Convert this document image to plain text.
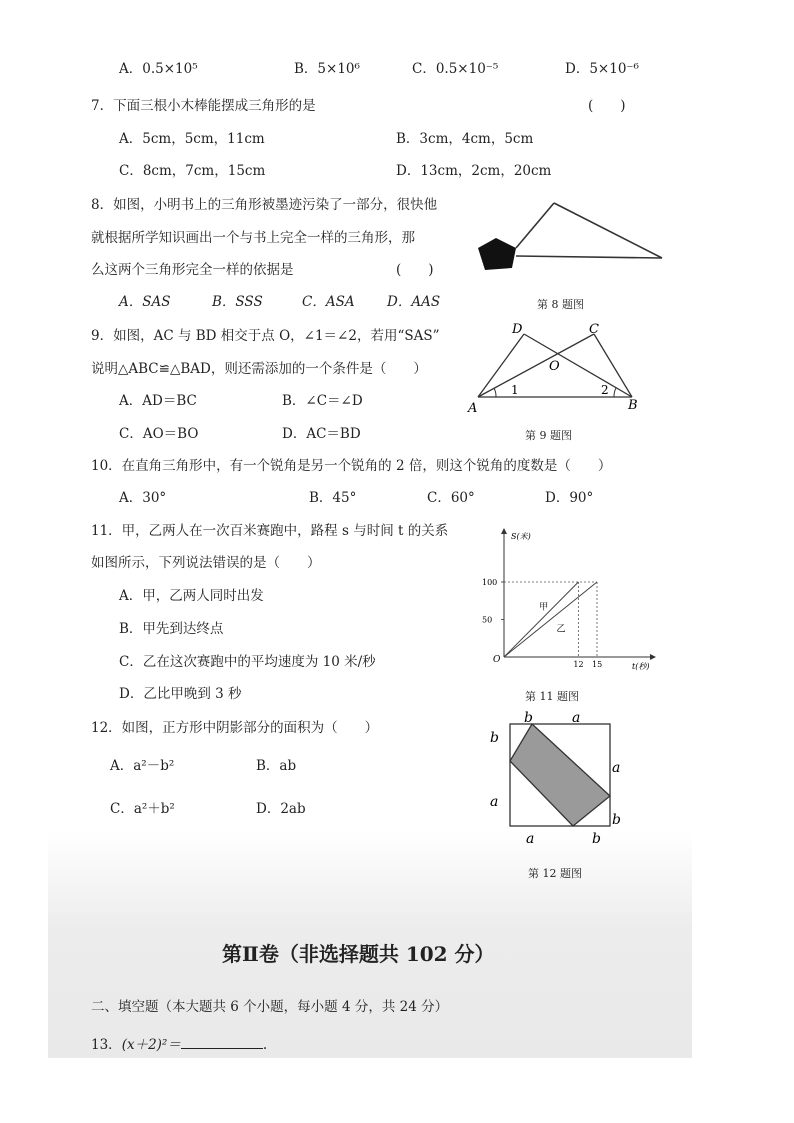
A．0.5×10⁵	B．5×10⁶	C．0.5×10⁻⁵	D．5×10⁻⁶
7．下面三根小木棒能摆成三角形的是	(　　)
A．5cm，5cm，11cm	B．3cm，4cm，5cm
C．8cm，7cm，15cm	D．13cm，2cm，20cm
8．如图，小明书上的三角形被墨迹污染了一部分，很快他
就根据所学知识画出一个与书上完全一样的三角形，那
么这两个三角形完全一样的依据是	(　　)
A．SAS	B．SSS	C．ASA D．AAS	第 8 题图
9．如图，AC 与 BD 相交于点 O，∠1＝∠2，若用“SAS”
说明△ABC≌△BAD，则还需添加的一个条件是（　　）
A．AD＝BC	B．∠C＝∠D
C．AO＝BO	D．AC＝BD
A	B
D	C
O
1	2
第 9 题图
10．在直角三角形中，有一个锐角是另一个锐角的 2 倍，则这个锐角的度数是（　　）
A．30°	B．45°	C．60°	D．90°
11．甲，乙两人在一次百米赛跑中，路程 s 与时间 t 的关系
如图所示，下列说法错误的是（　　）
A．甲，乙两人同时出发
B．甲先到达终点
C．乙在这次赛跑中的平均速度为 10 米/秒
D．乙比甲晚到 3 秒
S(米)
t(秒)
O	12 15
50
100
甲
乙
第 11 题图
12．如图，正方形中阴影部分的面积为（　　）
A．a²－b²	B．ab
C．a²＋b²	D．2ab
b	a
b
a
a
b
a	b
第 12 题图
第Ⅱ卷（非选择题共 102 分）
二、填空题（本大题共 6 个小题，每小题 4 分，共 24 分）
13．(x＋2)²＝	.
